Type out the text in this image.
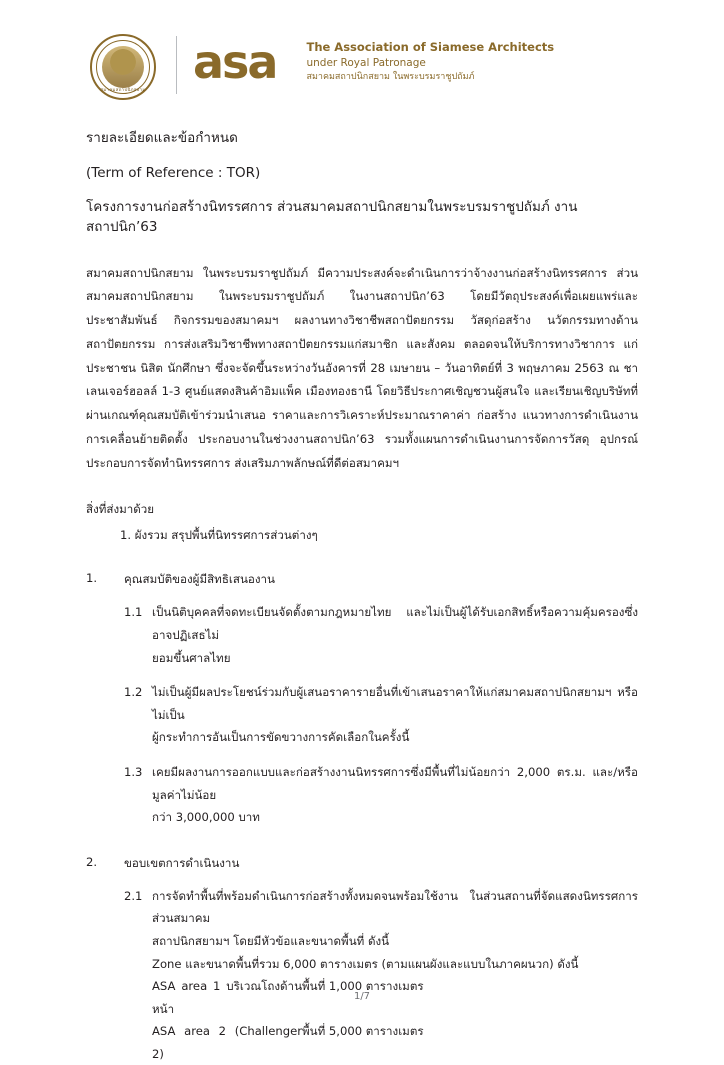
สมาคมสถาปนิกสยาม
asa	The Association of Siamese Architects
under Royal Patronage
สมาคมสถาปนิกสยาม ในพระบรมราชูปถัมภ์
รายละเอียดและข้อกำหนด
(Term of Reference : TOR)
โครงการงานก่อสร้างนิทรรศการ ส่วนสมาคมสถาปนิกสยามในพระบรมราชูปถัมภ์ งานสถาปนิก’63
สมาคมสถาปนิกสยาม ในพระบรมราชูปถัมภ์ มีความประสงค์จะดำเนินการว่าจ้างงานก่อสร้างนิทรรศการ ส่วนสมาคมสถาปนิกสยาม ในพระบรมราชูปถัมภ์ ในงานสถาปนิก’63 โดยมีวัตถุประสงค์เพื่อเผยแพร่และประชาสัมพันธ์ กิจกรรมของสมาคมฯ ผลงานทางวิชาชีพสถาปัตยกรรม วัสดุก่อสร้าง นวัตกรรมทางด้านสถาปัตยกรรม การส่งเสริมวิชาชีพทางสถาปัตยกรรมแก่สมาชิก และสังคม ตลอดจนให้บริการทางวิชาการ แก่ประชาชน นิสิต นักศึกษา ซึ่งจะจัดขึ้นระหว่างวันอังคารที่ 28 เมษายน – วันอาทิตย์ที่ 3 พฤษภาคม 2563 ณ ชาเลนเจอร์ฮอลล์ 1-3 ศูนย์แสดงสินค้าอิมแพ็ค เมืองทองธานี โดยวิธีประกาศเชิญชวนผู้สนใจ และเรียนเชิญบริษัทที่ผ่านเกณฑ์คุณสมบัติเข้าร่วมนำเสนอ ราคาและการวิเคราะห์ประมาณราคาค่า ก่อสร้าง แนวทางการดำเนินงาน การเคลื่อนย้ายติดตั้ง ประกอบงานในช่วงงานสถาปนิก’63 รวมทั้งแผนการดำเนินงานการจัดการวัสดุ อุปกรณ์ ประกอบการจัดทำนิทรรศการ ส่งเสริมภาพลักษณ์ที่ดีต่อสมาคมฯ
สิ่งที่ส่งมาด้วย
1. ผังรวม สรุปพื้นที่นิทรรศการส่วนต่างๆ
1.	คุณสมบัติของผู้มีสิทธิเสนองาน
1.1 เป็นนิติบุคคลที่จดทะเบียนจัดตั้งตามกฎหมายไทย และไม่เป็นผู้ได้รับเอกสิทธิ์หรือความคุ้มครองซึ่งอาจปฏิเสธไม่
ยอมขึ้นศาลไทย
1.2 ไม่เป็นผู้มีผลประโยชน์ร่วมกับผู้เสนอราคารายอื่นที่เข้าเสนอราคาให้แก่สมาคมสถาปนิกสยามฯ หรือไม่เป็น
ผู้กระทำการอันเป็นการขัดขวางการคัดเลือกในครั้งนี้
1.3 เคยมีผลงานการออกแบบและก่อสร้างงานนิทรรศการซึ่งมีพื้นที่ไม่น้อยกว่า 2,000 ตร.ม. และ/หรือ มูลค่าไม่น้อย
กว่า 3,000,000 บาท
2.	ขอบเขตการดำเนินงาน
2.1 การจัดทำพื้นที่พร้อมดำเนินการก่อสร้างทั้งหมดจนพร้อมใช้งาน ในส่วนสถานที่จัดแสดงนิทรรศการส่วนสมาคม
สถาปนิกสยามฯ โดยมีหัวข้อและขนาดพื้นที่ ดังนี้
Zone และขนาดพื้นที่รวม 6,000 ตารางเมตร (ตามแผนผังและแบบในภาคผนวก) ดังนี้
ASA area 1 บริเวณโถงด้านหน้า
พื้นที่ 1,000 ตารางเมตร
ASA area 2 (Challenger 2)
พื้นที่ 5,000 ตารางเมตร
1/7
